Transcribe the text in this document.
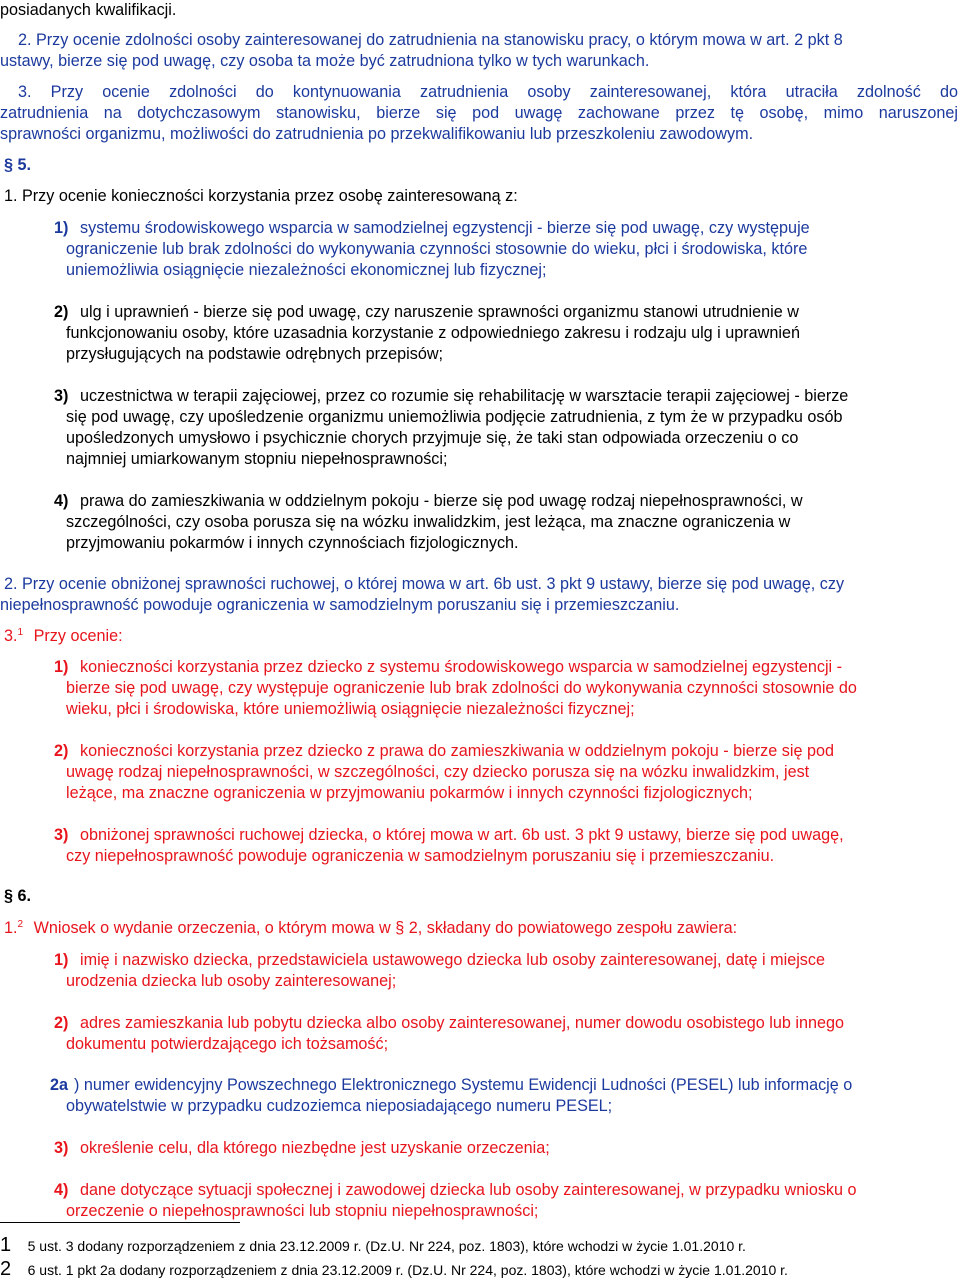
posiadanych kwalifikacji.
2. Przy ocenie zdolności osoby zainteresowanej do zatrudnienia na stanowisku pracy, o którym mowa w art. 2 pkt 8
ustawy, bierze się pod uwagę, czy osoba ta może być zatrudniona tylko w tych warunkach.
3. Przy ocenie zdolności do kontynuowania zatrudnienia osoby zainteresowanej, która utraciła zdolność do
zatrudnienia na dotychczasowym stanowisku, bierze się pod uwagę zachowane przez tę osobę, mimo naruszonej
sprawności organizmu, możliwości do zatrudnienia po przekwalifikowaniu lub przeszkoleniu zawodowym.
§ 5.
1. Przy ocenie konieczności korzystania przez osobę zainteresowaną z:
1) systemu środowiskowego wsparcia w samodzielnej egzystencji - bierze się pod uwagę, czy występuje
ograniczenie lub brak zdolności do wykonywania czynności stosownie do wieku, płci i środowiska, które
uniemożliwia osiągnięcie niezależności ekonomicznej lub fizycznej;
2) ulg i uprawnień - bierze się pod uwagę, czy naruszenie sprawności organizmu stanowi utrudnienie w
funkcjonowaniu osoby, które uzasadnia korzystanie z odpowiedniego zakresu i rodzaju ulg i uprawnień
przysługujących na podstawie odrębnych przepisów;
3) uczestnictwa w terapii zajęciowej, przez co rozumie się rehabilitację w warsztacie terapii zajęciowej - bierze
się pod uwagę, czy upośledzenie organizmu uniemożliwia podjęcie zatrudnienia, z tym że w przypadku osób
upośledzonych umysłowo i psychicznie chorych przyjmuje się, że taki stan odpowiada orzeczeniu o co
najmniej umiarkowanym stopniu niepełnosprawności;
4) prawa do zamieszkiwania w oddzielnym pokoju - bierze się pod uwagę rodzaj niepełnosprawności, w
szczególności, czy osoba porusza się na wózku inwalidzkim, jest leżąca, ma znaczne ograniczenia w
przyjmowaniu pokarmów i innych czynnościach fizjologicznych.
2. Przy ocenie obniżonej sprawności ruchowej, o której mowa w art. 6b ust. 3 pkt 9 ustawy, bierze się pod uwagę, czy
niepełnosprawność powoduje ograniczenia w samodzielnym poruszaniu się i przemieszczaniu.
3.$^1$ Przy ocenie:
1) konieczności korzystania przez dziecko z systemu środowiskowego wsparcia w samodzielnej egzystencji -
bierze się pod uwagę, czy występuje ograniczenie lub brak zdolności do wykonywania czynności stosownie do
wieku, płci i środowiska, które uniemożliwią osiągnięcie niezależności fizycznej;
2) konieczności korzystania przez dziecko z prawa do zamieszkiwania w oddzielnym pokoju - bierze się pod
uwagę rodzaj niepełnosprawności, w szczególności, czy dziecko porusza się na wózku inwalidzkim, jest
leżące, ma znaczne ograniczenia w przyjmowaniu pokarmów i innych czynności fizjologicznych;
3) obniżonej sprawności ruchowej dziecka, o której mowa w art. 6b ust. 3 pkt 9 ustawy, bierze się pod uwagę,
czy niepełnosprawność powoduje ograniczenia w samodzielnym poruszaniu się i przemieszczaniu.
§ 6.
1.$^2$ Wniosek o wydanie orzeczenia, o którym mowa w § 2, składany do powiatowego zespołu zawiera:
1) imię i nazwisko dziecka, przedstawiciela ustawowego dziecka lub osoby zainteresowanej, datę i miejsce
urodzenia dziecka lub osoby zainteresowanej;
2) adres zamieszkania lub pobytu dziecka albo osoby zainteresowanej, numer dowodu osobistego lub innego
dokumentu potwierdzającego ich tożsamość;
2a ) numer ewidencyjny Powszechnego Elektronicznego Systemu Ewidencji Ludności (PESEL) lub informację o
obywatelstwie w przypadku cudzoziemca nieposiadającego numeru PESEL;
3) określenie celu, dla którego niezbędne jest uzyskanie orzeczenia;
4) dane dotyczące sytuacji społecznej i zawodowej dziecka lub osoby zainteresowanej, w przypadku wniosku o
orzeczenie o niepełnosprawności lub stopniu niepełnosprawności;
1 5 ust. 3 dodany rozporządzeniem z dnia 23.12.2009 r. (Dz.U. Nr 224, poz. 1803), które wchodzi w życie 1.01.2010 r.
2 6 ust. 1 pkt 2a dodany rozporządzeniem z dnia 23.12.2009 r. (Dz.U. Nr 224, poz. 1803), które wchodzi w życie 1.01.2010 r.
